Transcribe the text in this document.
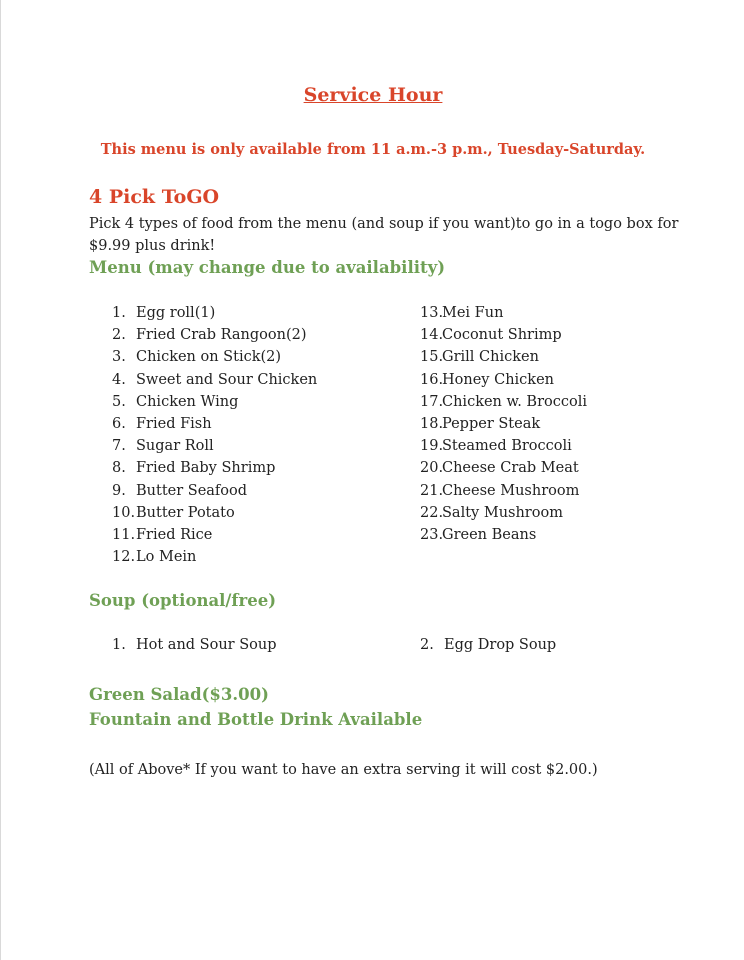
Service Hour
This menu is only available from 11 a.m.-3 p.m., Tuesday-Saturday.
4 Pick ToGO
Pick 4 types of food from the menu (and soup if you want)to go in a togo box for $9.99 plus drink!
Menu (may change due to availability)
1. Egg roll(1)
2. Fried Crab Rangoon(2)
3. Chicken on Stick(2)
4. Sweet and Sour Chicken
5. Chicken Wing
6. Fried Fish
7. Sugar Roll
8. Fried Baby Shrimp
9. Butter Seafood
10.Butter Potato
11.Fried Rice
12.Lo Mein
13.Mei Fun
14.Coconut Shrimp
15.Grill Chicken
16.Honey Chicken
17.Chicken w. Broccoli
18.Pepper Steak
19.Steamed Broccoli
20.Cheese Crab Meat
21.Cheese Mushroom
22.Salty Mushroom
23.Green Beans
Soup (optional/free)
1. Hot and Sour Soup	2. Egg Drop Soup
Green Salad($3.00)
Fountain and Bottle Drink Available
(All of Above* If you want to have an extra serving it will cost $2.00.)
